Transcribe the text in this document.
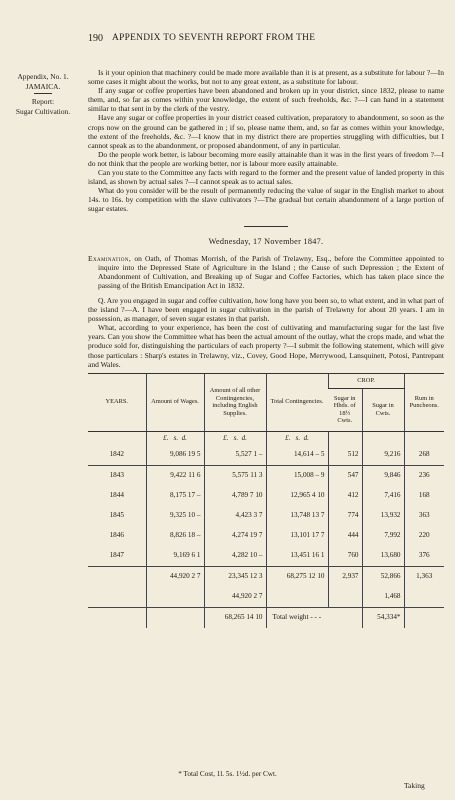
190 APPENDIX TO SEVENTH REPORT FROM THE
Appendix, No. 1.
JAMAICA.
Report:
Sugar Cultivation.

Is it your opinion that machinery could be made more available than it is at present, as a substitute for labour ?—In some cases it might about the works, but not to any great extent, as a substitute for labour.

If any sugar or coffee properties have been abandoned and broken up in your district, since 1832, please to name them, and, so far as comes within your knowledge, the extent of such freeholds, &c. ?—I can hand in a statement similar to that sent in by the clerk of the vestry.

Have any sugar or coffee properties in your district ceased cultivation, preparatory to abandonment, so soon as the crops now on the ground can be gathered in ; if so, please name them, and, so far as comes within your knowledge, the extent of the freeholds, &c. ?—I know that in my district there are properties struggling with difficulties, but I cannot speak as to the abandonment, or proposed abandonment, of any in particular.

Do the people work better, is labour becoming more easily attainable than it was in the first years of freedom ?—I do not think that the people are working better, nor is labour more easily attainable.

Can you state to the Committee any facts with regard to the former and the present value of landed property in this island, as shown by actual sales ?—I cannot speak as to actual sales.

What do you consider will be the result of permanently reducing the value of sugar in the English market to about 14s. to 16s. by competition with the slave cultivators ?—The gradual but certain abandonment of a large portion of sugar estates.

Wednesday, 17 November 1847.

Examination, on Oath, of Thomas Morrish, of the Parish of Trelawny, Esq., before the Committee appointed to inquire into the Depressed State of Agriculture in the Island ; the Cause of such Depression ; the Extent of Abandonment of Cultivation, and Breaking up of Sugar and Coffee Factories, which has taken place since the passing of the British Emancipation Act in 1832.

Q. Are you engaged in sugar and coffee cultivation, how long have you been so, to what extent, and in what part of the island ?—A. I have been engaged in sugar cultivation in the parish of Trelawny for about 20 years. I am in possession, as manager, of seven sugar estates in that parish.

What, according to your experience, has been the cost of cultivating and manufacturing sugar for the last five years. Can you show the Committee what has been the actual amount of the outlay, what the crops made, and what the produce sold for, distinguishing the particulars of each property ?—I submit the following statement, which will give those particulars : Sharp's estates in Trelawny, viz., Covey, Good Hope, Merrywood, Lansquinett, Potosi, Pantrepant and Wales.

YEARS.	Amount of Wages.	Amount of all other Contingencies, including English Supplies.	Total Contingencies.	CROP.		Rum in Puncheons.
				Sugar in Hhds. of 18½ Cwts.	Sugar in Cwts.	
	£. s. d.	£. s. d.	£. s. d.			
1842	9,086 19 5	5,527 1 –	14,614 – 5	512	9,216	268
1843	9,422 11 6	5,575 11 3	15,008 – 9	547	9,846	236
1844	8,175 17 –	4,789 7 10	12,965 4 10	412	7,416	168
1845	9,325 10 –	4,423 3 7	13,748 13 7	774	13,932	363
1846	8,826 18 –	4,274 19 7	13,101 17 7	444	7,992	220
1847	9,169 6 1	4,282 10 –	13,451 16 1	760	13,680	376
	44,920 2 7	23,345 12 3	68,275 12 10	2,937	52,866	1,363
		44,920 2 7			1,468	
		68,265 14 10	Total weight - - -		54,334*	
* Total Cost, 1l. 5s. 1½d. per Cwt.
Taking
